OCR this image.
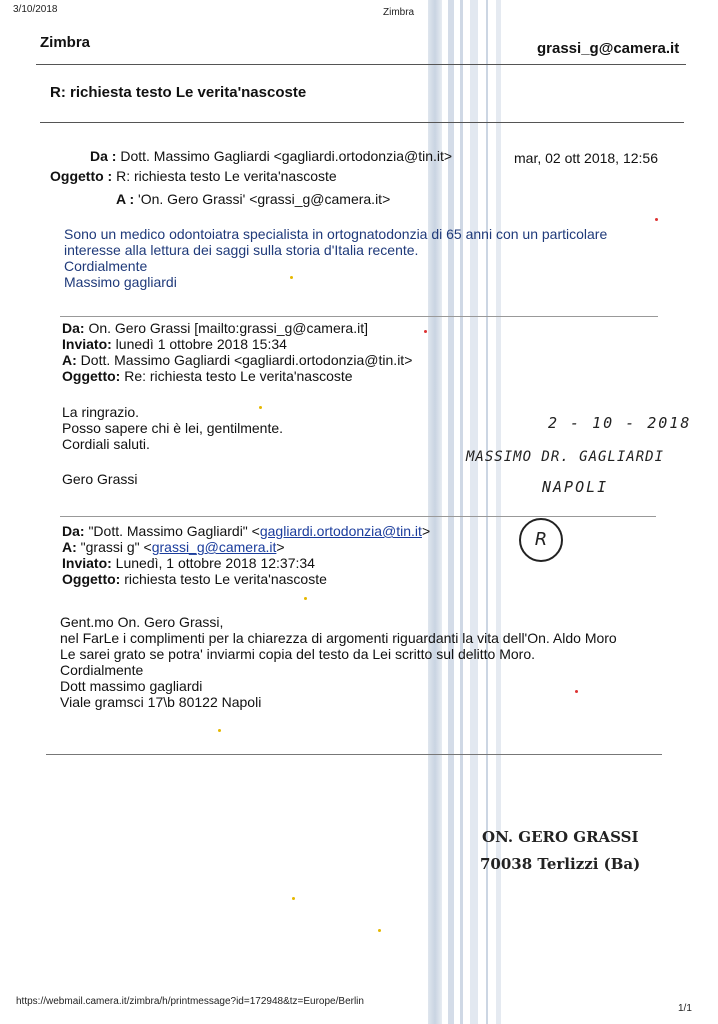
3/10/2018	Zimbra
Zimbra	grassi_g@camera.it
R: richiesta testo Le verita'nascoste
Da : Dott. Massimo Gagliardi <gagliardi.ortodonzia@tin.it>	mar, 02 ott 2018, 12:56
Oggetto : R: richiesta testo Le verita'nascoste
A : 'On. Gero Grassi' <grassi_g@camera.it>
Sono un medico odontoiatra specialista in ortognatodonzia di 65 anni con un particolare
interesse alla lettura dei saggi sulla storia d'Italia recente.
Cordialmente
Massimo gagliardi
Da: On. Gero Grassi [mailto:grassi_g@camera.it]
Inviato: lunedì 1 ottobre 2018 15:34
A: Dott. Massimo Gagliardi <gagliardi.ortodonzia@tin.it>
Oggetto: Re: richiesta testo Le verita'nascoste
La ringrazio.
Posso sapere chi è lei, gentilmente.
Cordiali saluti.
Gero Grassi
2 - 10 - 2018
MASSIMO DR. GAGLIARDI
NAPOLI
R
Da: "Dott. Massimo Gagliardi" <gagliardi.ortodonzia@tin.it>
A: "grassi g" <grassi_g@camera.it>
Inviato: Lunedì, 1 ottobre 2018 12:37:34
Oggetto: richiesta testo Le verita'nascoste
Gent.mo On. Gero Grassi,
nel FarLe i complimenti per la chiarezza di argomenti riguardanti la vita dell'On. Aldo Moro
Le sarei grato se potra' inviarmi copia del testo da Lei scritto sul delitto Moro.
Cordialmente
Dott massimo gagliardi
Viale gramsci 17\b 80122 Napoli
ON. GERO GRASSI
70038 Terlizzi (Ba)
https://webmail.camera.it/zimbra/h/printmessage?id=172948&tz=Europe/Berlin
1/1
